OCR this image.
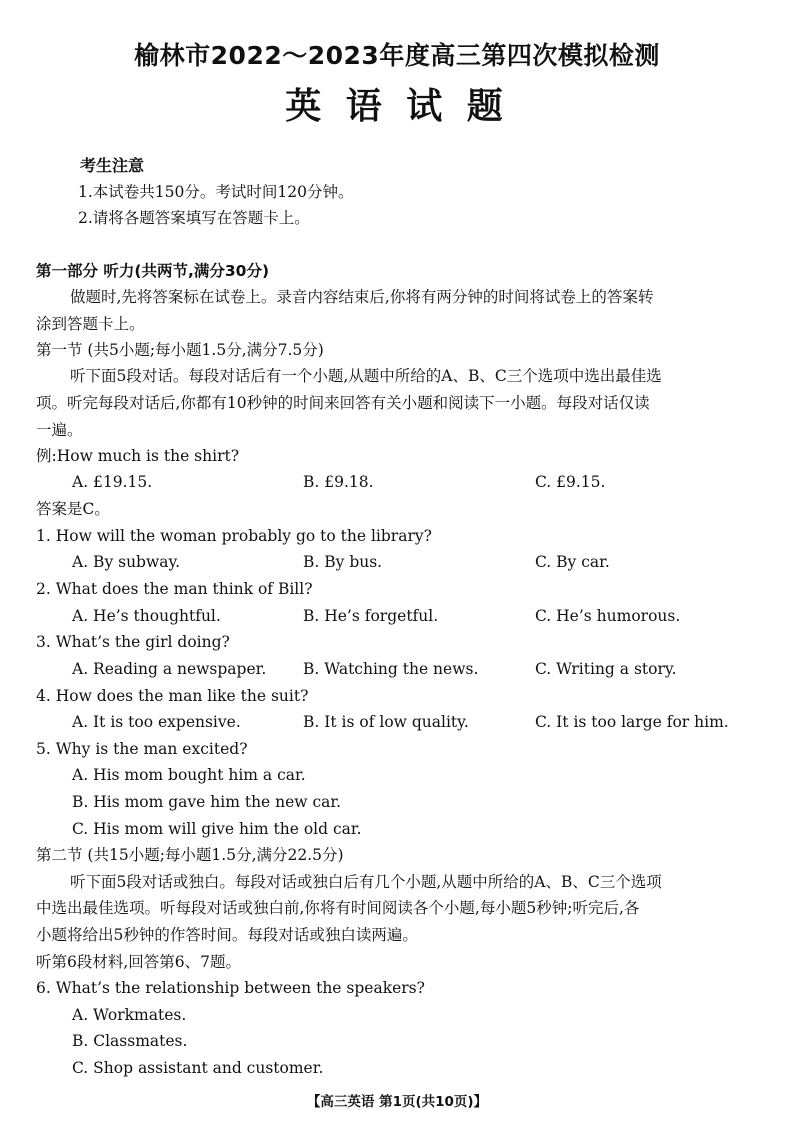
榆林市2022～2023年度高三第四次模拟检测
英 语 试 题
考生注意
1.本试卷共150分。考试时间120分钟。
2.请将各题答案填写在答题卡上。
第一部分 听力(共两节,满分30分)
做题时,先将答案标在试卷上。录音内容结束后,你将有两分钟的时间将试卷上的答案转
涂到答题卡上。
第一节 (共5小题;每小题1.5分,满分7.5分)
听下面5段对话。每段对话后有一个小题,从题中所给的A、B、C三个选项中选出最佳选
项。听完每段对话后,你都有10秒钟的时间来回答有关小题和阅读下一小题。每段对话仅读
一遍。
例:How much is the shirt?
A. £19.15.	B. £9.18.	C. £9.15.
答案是C。
1. How will the woman probably go to the library?
A. By subway.	B. By bus.	C. By car.
2. What does the man think of Bill?
A. He’s thoughtful.	B. He’s forgetful.	C. He’s humorous.
3. What’s the girl doing?
A. Reading a newspaper. B. Watching the news.	C. Writing a story.
4. How does the man like the suit?
A. It is too expensive.	B. It is of low quality.	C. It is too large for him.
5. Why is the man excited?
A. His mom bought him a car.
B. His mom gave him the new car.
C. His mom will give him the old car.
第二节 (共15小题;每小题1.5分,满分22.5分)
听下面5段对话或独白。每段对话或独白后有几个小题,从题中所给的A、B、C三个选项
中选出最佳选项。听每段对话或独白前,你将有时间阅读各个小题,每小题5秒钟;听完后,各
小题将给出5秒钟的作答时间。每段对话或独白读两遍。
听第6段材料,回答第6、7题。
6. What’s the relationship between the speakers?
A. Workmates.
B. Classmates.
C. Shop assistant and customer.
【高三英语 第1页(共10页)】
